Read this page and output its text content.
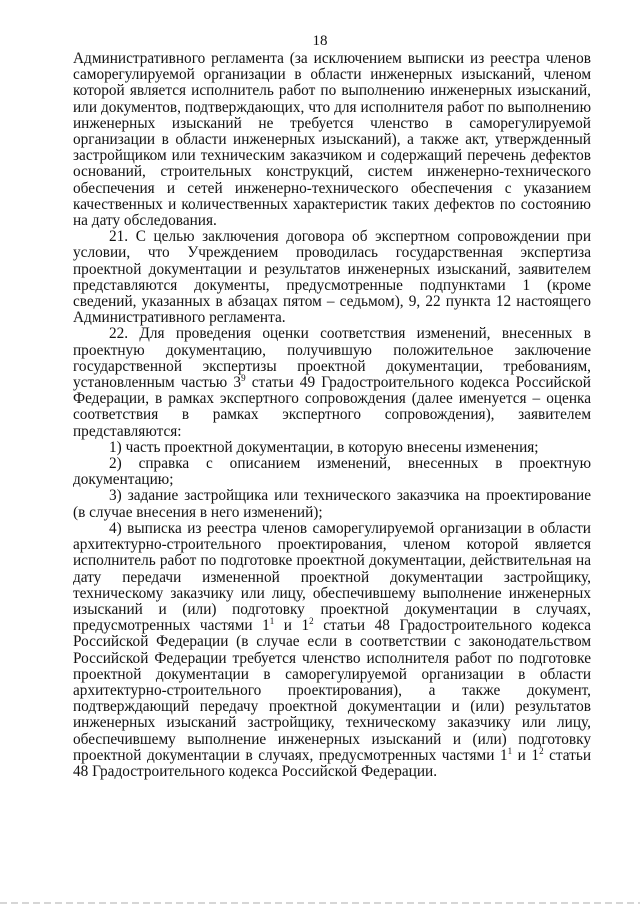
18

Административного регламента (за исключением выписки из реестра членов саморегулируемой организации в области инженерных изысканий, членом которой является исполнитель работ по выполнению инженерных изысканий, или документов, подтверждающих, что для исполнителя работ по выполнению инженерных изысканий не требуется членство в саморегулируемой организации в области инженерных изысканий), а также акт, утвержденный застройщиком или техническим заказчиком и содержащий перечень дефектов оснований, строительных конструкций, систем инженерно-технического обеспечения и сетей инженерно-технического обеспечения с указанием качественных и количественных характеристик таких дефектов по состоянию на дату обследования.

21. С целью заключения договора об экспертном сопровождении при условии, что Учреждением проводилась государственная экспертиза проектной документации и результатов инженерных изысканий, заявителем представляются документы, предусмотренные подпунктами 1 (кроме сведений, указанных в абзацах пятом – седьмом), 9, 22 пункта 12 настоящего Административного регламента.

22. Для проведения оценки соответствия изменений, внесенных в проектную документацию, получившую положительное заключение государственной экспертизы проектной документации, требованиям, установленным частью $3^9$ статьи 49 Градостроительного кодекса Российской Федерации, в рамках экспертного сопровождения (далее именуется – оценка соответствия в рамках экспертного сопровождения), заявителем представляются:

1) часть проектной документации, в которую внесены изменения;

2) справка с описанием изменений, внесенных в проектную документацию;

3) задание застройщика или технического заказчика на проектирование (в случае внесения в него изменений);

4) выписка из реестра членов саморегулируемой организации в области архитектурно-строительного проектирования, членом которой является исполнитель работ по подготовке проектной документации, действительная на дату передачи измененной проектной документации застройщику, техническому заказчику или лицу, обеспечившему выполнение инженерных изысканий и (или) подготовку проектной документации в случаях, предусмотренных частями $1^1$ и $1^2$ статьи 48 Градостроительного кодекса Российской Федерации (в случае если в соответствии с законодательством Российской Федерации требуется членство исполнителя работ по подготовке проектной документации в саморегулируемой организации в области архитектурно-строительного проектирования), а также документ, подтверждающий передачу проектной документации и (или) результатов инженерных изысканий застройщику, техническому заказчику или лицу, обеспечившему выполнение инженерных изысканий и (или) подготовку проектной документации в случаях, предусмотренных частями $1^1$ и $1^2$ статьи 48 Градостроительного кодекса Российской Федерации.
